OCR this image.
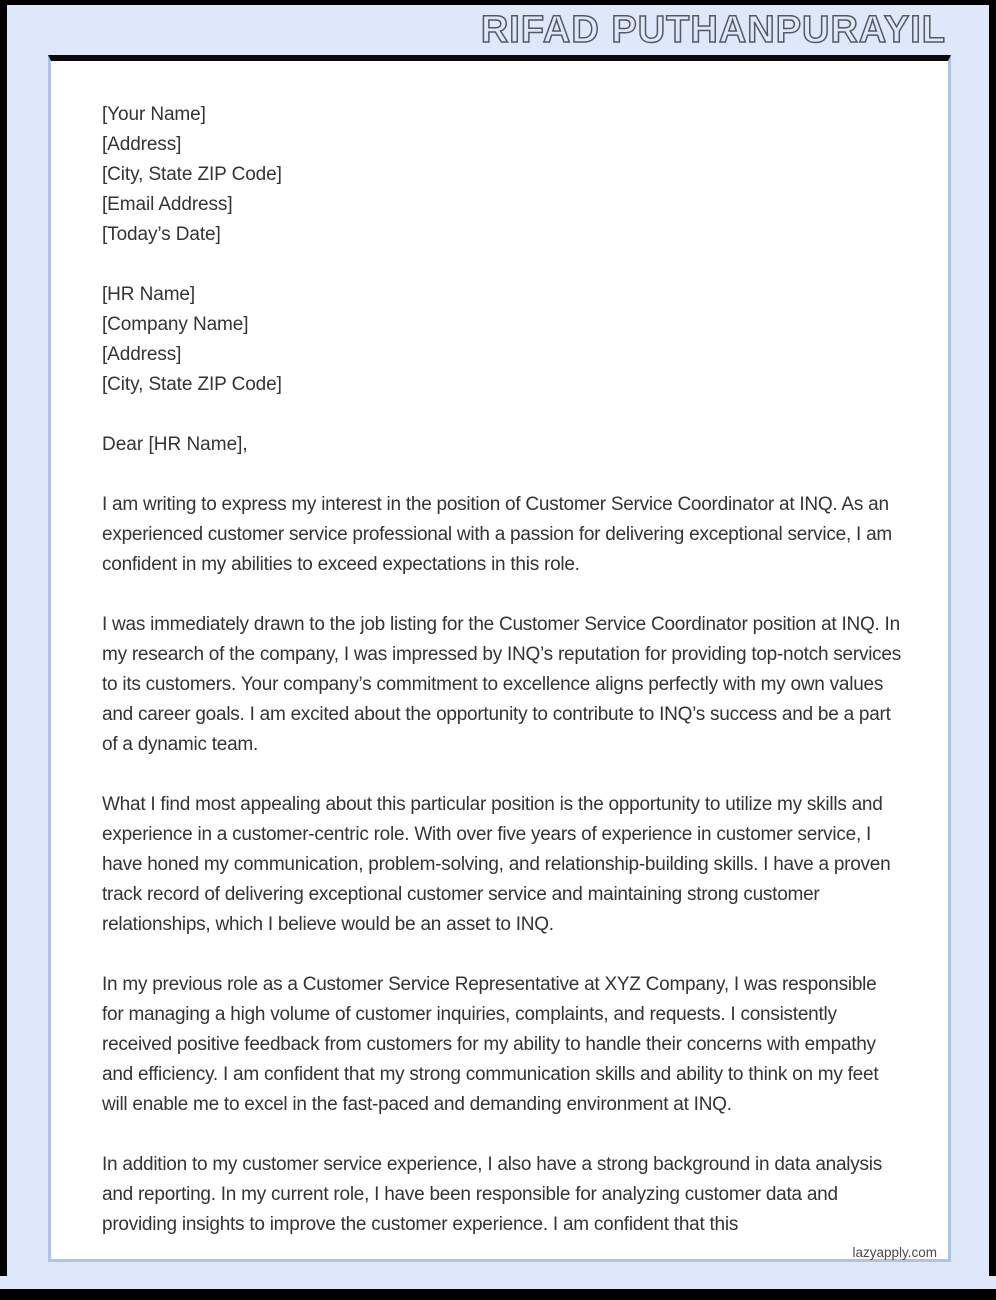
RIFAD PUTHANPURAYIL
[Your Name]
[Address]
[City, State ZIP Code]
[Email Address]
[Today’s Date]
[HR Name]
[Company Name]
[Address]
[City, State ZIP Code]
Dear [HR Name],
I am writing to express my interest in the position of Customer Service Coordinator at INQ. As an experienced customer service professional with a passion for delivering exceptional service, I am confident in my abilities to exceed expectations in this role.
I was immediately drawn to the job listing for the Customer Service Coordinator position at INQ. In my research of the company, I was impressed by INQ’s reputation for providing top-notch services to its customers. Your company’s commitment to excellence aligns perfectly with my own values and career goals. I am excited about the opportunity to contribute to INQ’s success and be a part of a dynamic team.
What I find most appealing about this particular position is the opportunity to utilize my skills and experience in a customer-centric role. With over five years of experience in customer service, I have honed my communication, problem-solving, and relationship-building skills. I have a proven track record of delivering exceptional customer service and maintaining strong customer relationships, which I believe would be an asset to INQ.
In my previous role as a Customer Service Representative at XYZ Company, I was responsible for managing a high volume of customer inquiries, complaints, and requests. I consistently received positive feedback from customers for my ability to handle their concerns with empathy and efficiency. I am confident that my strong communication skills and ability to think on my feet will enable me to excel in the fast-paced and demanding environment at INQ.
In addition to my customer service experience, I also have a strong background in data analysis and reporting. In my current role, I have been responsible for analyzing customer data and providing insights to improve the customer experience. I am confident that this
lazyapply.com
